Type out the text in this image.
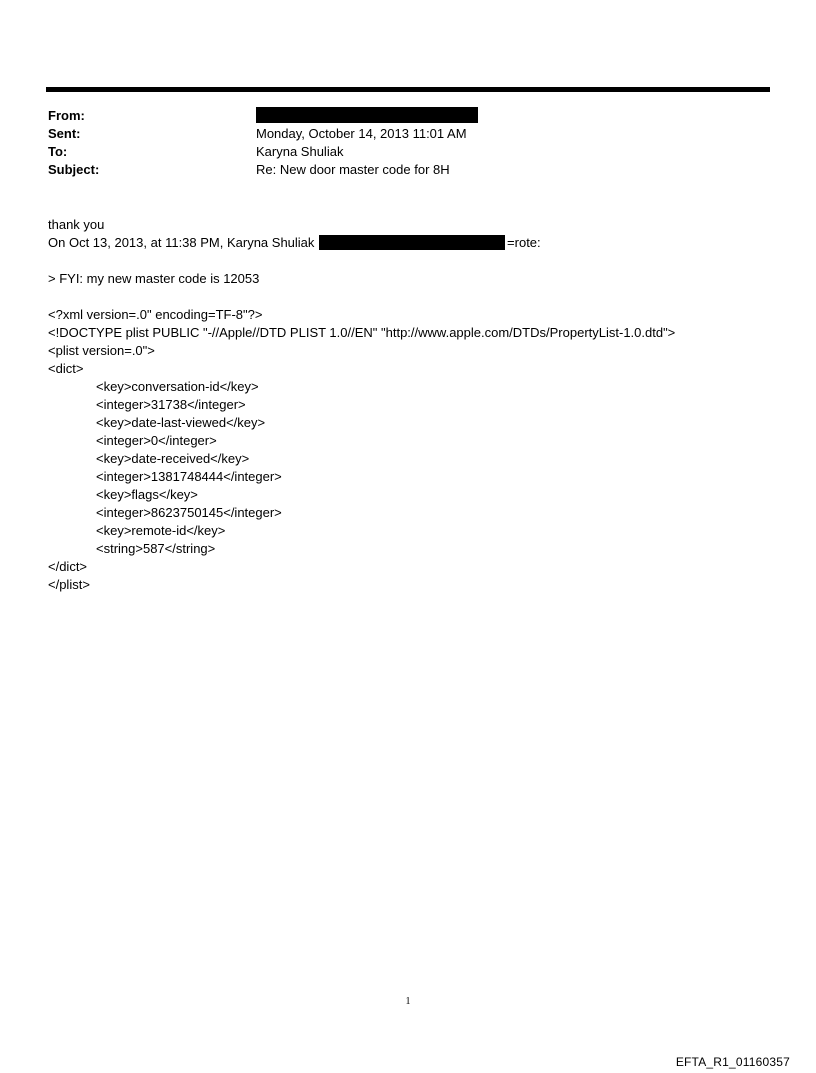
From:
Sent:	Monday, October 14, 2013 11:01 AM
To:	Karyna Shuliak
Subject:	Re: New door master code for 8H
thank you
On Oct 13, 2013, at 11:38 PM, Karyna Shuliak	=rote:
> FYI: my new master code is 12053
<?xml version=.0" encoding=TF-8"?>
<!DOCTYPE plist PUBLIC "-//Apple//DTD PLIST 1.0//EN" "http://www.apple.com/DTDs/PropertyList-1.0.dtd">
<plist version=.0">
<dict>
<key>conversation-id</key>
<integer>31738</integer>
<key>date-last-viewed</key>
<integer>0</integer>
<key>date-received</key>
<integer>1381748444</integer>
<key>flags</key>
<integer>8623750145</integer>
<key>remote-id</key>
<string>587</string>
</dict>
</plist>
1
EFTA_R1_01160357
